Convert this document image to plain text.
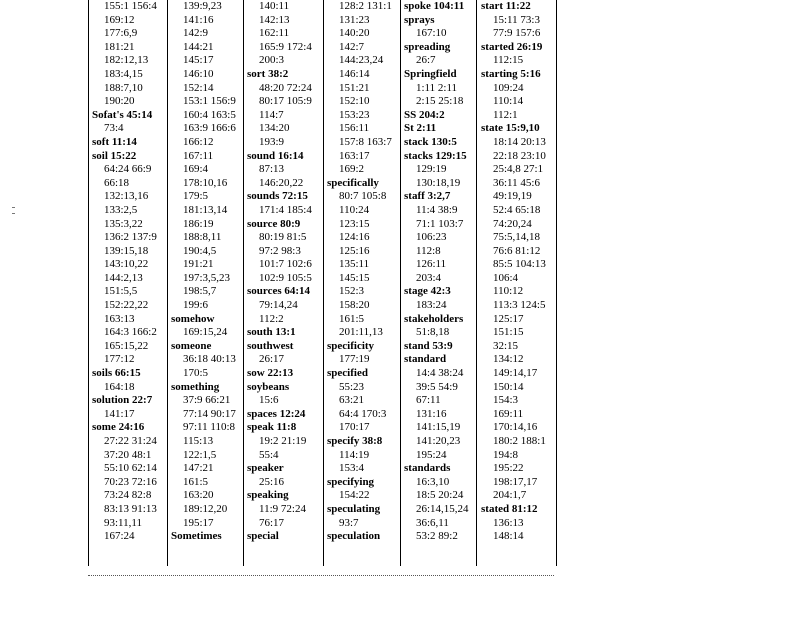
155:1 156:4
169:12
177:6,9
181:21
182:12,13
183:4,15
188:7,10
190:20
Sofat's 45:14
73:4
soft 11:14
soil 15:22
64:24 66:9
66:18
132:13,16
133:2,5
135:3,22
136:2 137:9
139:15,18
143:10,22
144:2,13
151:5,5
152:22,22
163:13
164:3 166:2
165:15,22
177:12
soils 66:15
164:18
solution 22:7
141:17
some 24:16
27:22 31:24
37:20 48:1
55:10 62:14
70:23 72:16
73:24 82:8
83:13 91:13
93:11,11
167:24
139:9,23
141:16
142:9
144:21
145:17
146:10
152:14
153:1 156:9
160:4 163:5
163:9 166:6
166:12
167:11
169:4
178:10,16
179:5
181:13,14
186:19
188:8,11
190:4,5
191:21
197:3,5,23
198:5,7
199:6
somehow
169:15,24
someone
36:18 40:13
170:5
something
37:9 66:21
77:14 90:17
97:11 110:8
115:13
122:1,5
147:21
161:5
163:20
189:12,20
195:17
Sometimes
140:11
142:13
162:11
165:9 172:4
200:3
sort 38:2
48:20 72:24
80:17 105:9
114:7
134:20
193:9
sound 16:14
87:13
146:20,22
sounds 72:15
171:4 185:4
source 80:9
80:19 81:5
97:2 98:3
101:7 102:6
102:9 105:5
sources 64:14
79:14,24
112:2
south 13:1
southwest
26:17
sow 22:13
soybeans
15:6
spaces 12:24
speak 11:8
19:2 21:19
55:4
speaker
25:16
speaking
11:9 72:24
76:17
special
128:2 131:1
131:23
140:20
142:7
144:23,24
146:14
151:21
152:10
153:23
156:11
157:8 163:7
163:17
169:2
specifically
80:7 105:8
110:24
123:15
124:16
125:16
135:11
145:15
152:3
158:20
161:5
201:11,13
specificity
177:19
specified
55:23
63:21
64:4 170:3
170:17
specify 38:8
114:19
153:4
specifying
154:22
speculating
93:7
speculation
spoke 104:11
sprays
167:10
spreading
26:7
Springfield
1:11 2:11
2:15 25:18
SS 204:2
St 2:11
stack 130:5
stacks 129:15
129:19
130:18,19
staff 3:2,7
11:4 38:9
71:1 103:7
106:23
112:8
126:11
203:4
stage 42:3
183:24
stakeholders
51:8,18
stand 53:9
standard
14:4 38:24
39:5 54:9
67:11
131:16
141:15,19
141:20,23
195:24
standards
16:3,10
18:5 20:24
26:14,15,24
36:6,11
53:2 89:2
start 11:22
15:11 73:3
77:9 157:6
started 26:19
112:15
starting 5:16
109:24
110:14
112:1
state 15:9,10
18:14 20:13
22:18 23:10
25:4,8 27:1
36:11 45:6
49:19,19
52:4 65:18
74:20,24
75:5,14,18
76:6 81:12
85:5 104:13
106:4
110:12
113:3 124:5
125:17
151:15
32:15
134:12
149:14,17
150:14
154:3
169:11
170:14,16
180:2 188:1
194:8
195:22
198:17,17
204:1,7
stated 81:12
136:13
148:14
